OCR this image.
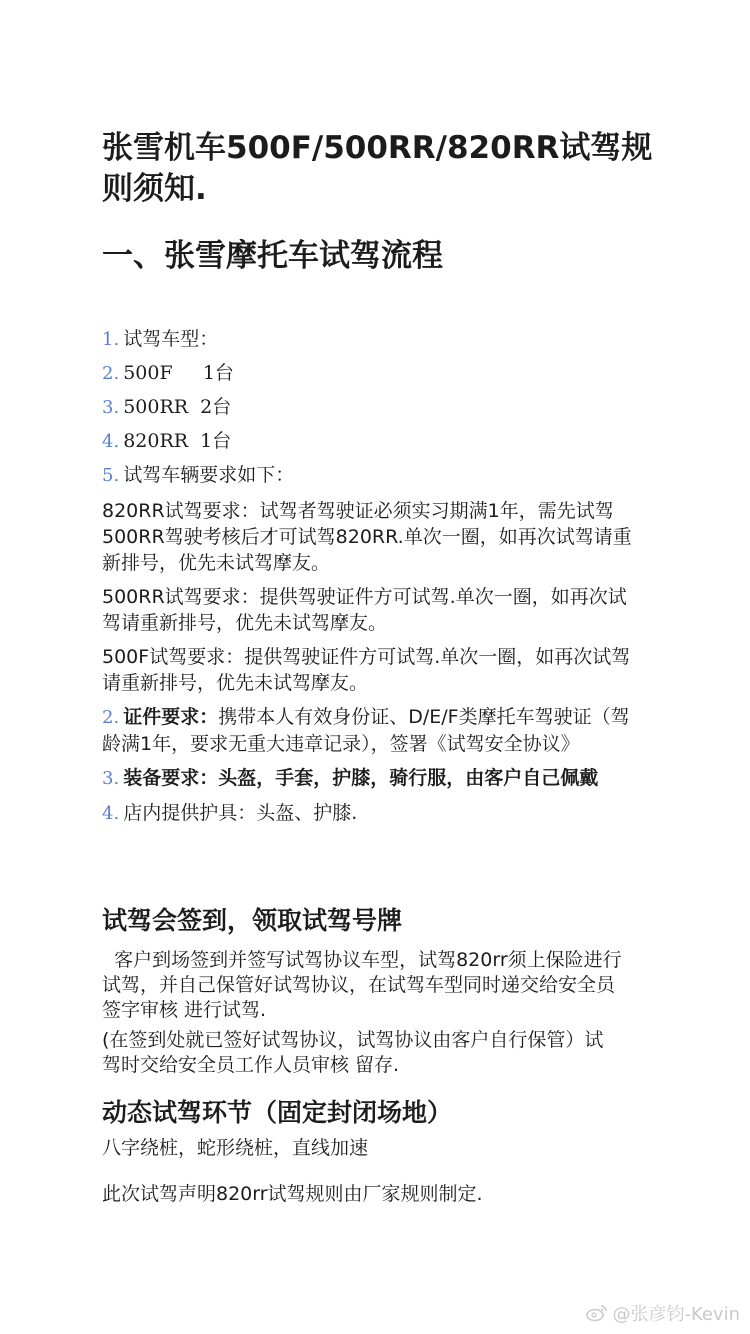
张雪机车500F/500RR/820RR试驾规则须知.
一、张雪摩托车试驾流程
1. 试驾车型：
2. 500F     1台
3. 500RR  2台
4. 820RR  1台
5. 试驾车辆要求如下：
820RR试驾要求：试驾者驾驶证必须实习期满1年，需先试驾500RR驾驶考核后才可试驾820RR.单次一圈，如再次试驾请重新排号，优先未试驾摩友。
500RR试驾要求：提供驾驶证件方可试驾.单次一圈，如再次试驾请重新排号，优先未试驾摩友。
500F试驾要求：提供驾驶证件方可试驾.单次一圈，如再次试驾请重新排号，优先未试驾摩友。
2. 证件要求：携带本人有效身份证、D/E/F类摩托车驾驶证（驾龄满1年，要求无重大违章记录），签署《试驾安全协议》
3. 装备要求：头盔，手套，护膝，骑行服，由客户自己佩戴
4. 店内提供护具：头盔、护膝.
试驾会签到，领取试驾号牌
客户到场签到并签写试驾协议车型，试驾820rr须上保险进行试驾，并自己保管好试驾协议，在试驾车型同时递交给安全员签字审核 进行试驾.
(在签到处就已签好试驾协议，试驾协议由客户自行保管）试驾时交给安全员工作人员审核 留存.
动态试驾环节（固定封闭场地）
八字绕桩，蛇形绕桩，直线加速
此次试驾声明820rr试驾规则由厂家规则制定.
@张彦钧-Kevin
